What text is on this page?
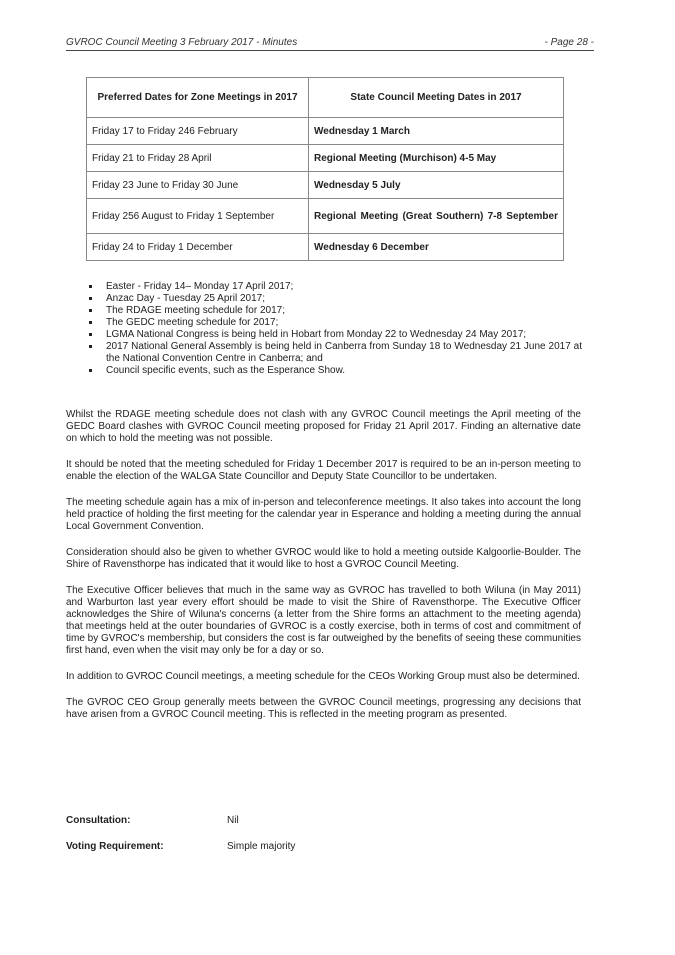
GVROC Council Meeting 3 February 2017 - Minutes	- Page 28 -
Preferred Dates for Zone Meetings in 2017	State Council Meeting Dates in 2017
Friday 17 to Friday 246 February	Wednesday 1 March
Friday 21 to Friday 28 April	Regional Meeting (Murchison) 4-5 May
Friday 23 June to Friday 30 June	Wednesday 5 July
Friday 256 August to Friday 1 September	Regional Meeting (Great Southern) 7-8 September
Friday 24 to Friday 1 December	Wednesday 6 December
Easter - Friday 14– Monday 17 April 2017;
Anzac Day - Tuesday 25 April 2017;
The RDAGE meeting schedule for 2017;
The GEDC meeting schedule for 2017;
LGMA National Congress is being held in Hobart from Monday 22 to Wednesday 24 May 2017;
2017 National General Assembly is being held in Canberra from Sunday 18 to Wednesday 21 June 2017 at the National Convention Centre in Canberra; and
Council specific events, such as the Esperance Show.

Whilst the RDAGE meeting schedule does not clash with any GVROC Council meetings the April meeting of the GEDC Board clashes with GVROC Council meeting proposed for Friday 21 April 2017. Finding an alternative date on which to hold the meeting was not possible.

It should be noted that the meeting scheduled for Friday 1 December 2017 is required to be an in-person meeting to enable the election of the WALGA State Councillor and Deputy State Councillor to be undertaken.

The meeting schedule again has a mix of in-person and teleconference meetings. It also takes into account the long held practice of holding the first meeting for the calendar year in Esperance and holding a meeting during the annual Local Government Convention.

Consideration should also be given to whether GVROC would like to hold a meeting outside Kalgoorlie-Boulder. The Shire of Ravensthorpe has indicated that it would like to host a GVROC Council Meeting.

The Executive Officer believes that much in the same way as GVROC has travelled to both Wiluna (in May 2011) and Warburton last year every effort should be made to visit the Shire of Ravensthorpe. The Executive Officer acknowledges the Shire of Wiluna's concerns (a letter from the Shire forms an attachment to the meeting agenda) that meetings held at the outer boundaries of GVROC is a costly exercise, both in terms of cost and commitment of time by GVROC's membership, but considers the cost is far outweighed by the benefits of seeing these communities first hand, even when the visit may only be for a day or so.

In addition to GVROC Council meetings, a meeting schedule for the CEOs Working Group must also be determined.

The GVROC CEO Group generally meets between the GVROC Council meetings, progressing any decisions that have arisen from a GVROC Council meeting. This is reflected in the meeting program as presented.

Consultation:	Nil
Voting Requirement:	Simple majority
